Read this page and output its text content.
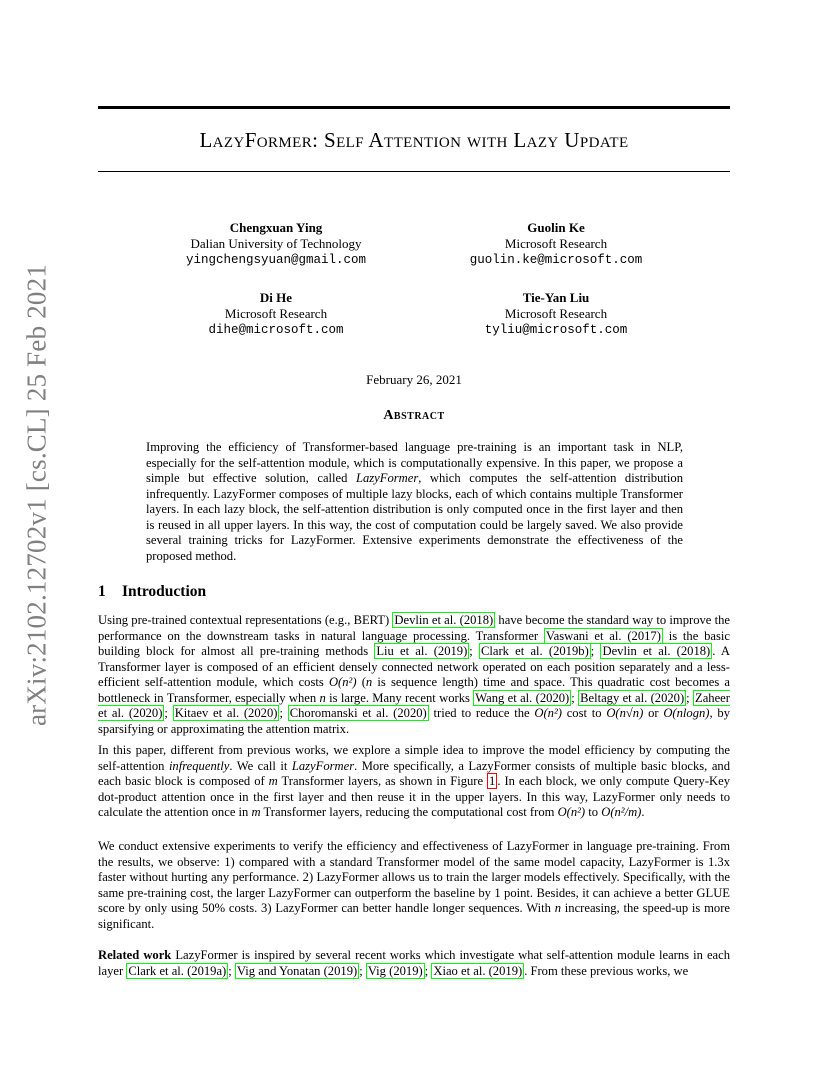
arXiv:2102.12702v1 [cs.CL] 25 Feb 2021
LazyFormer: Self Attention with Lazy Update
Chengxuan Ying
Dalian University of Technology
yingchengsyuan@gmail.com
Guolin Ke
Microsoft Research
guolin.ke@microsoft.com
Di He
Microsoft Research
dihe@microsoft.com
Tie-Yan Liu
Microsoft Research
tyliu@microsoft.com
February 26, 2021
Abstract

Improving the efficiency of Transformer-based language pre-training is an important task in NLP, especially for the self-attention module, which is computationally expensive. In this paper, we propose a simple but effective solution, called LazyFormer, which computes the self-attention distribution infrequently. LazyFormer composes of multiple lazy blocks, each of which contains multiple Transformer layers. In each lazy block, the self-attention distribution is only computed once in the first layer and then is reused in all upper layers. In this way, the cost of computation could be largely saved. We also provide several training tricks for LazyFormer. Extensive experiments demonstrate the effectiveness of the proposed method.

1 Introduction

Using pre-trained contextual representations (e.g., BERT) Devlin et al. (2018) have become the standard way to improve the performance on the downstream tasks in natural language processing. Transformer Vaswani et al. (2017) is the basic building block for almost all pre-training methods Liu et al. (2019) ; Clark et al. (2019b) ; Devlin et al. (2018) . A Transformer layer is composed of an efficient densely connected network operated on each position separately and a less-efficient self-attention module, which costs O(n²) (n is sequence length) time and space. This quadratic cost becomes a bottleneck in Transformer, especially when n is large. Many recent works Wang et al. (2020) ; Beltagy et al. (2020) ; Zaheer et al. (2020) ; Kitaev et al. (2020) ; Choromanski et al. (2020) tried to reduce the O(n²) cost to O(n√n) or O(nlogn), by sparsifying or approximating the attention matrix.

In this paper, different from previous works, we explore a simple idea to improve the model efficiency by computing the self-attention infrequently. We call it LazyFormer. More specifically, a LazyFormer consists of multiple basic blocks, and each basic block is composed of m Transformer layers, as shown in Figure 1 . In each block, we only compute Query-Key dot-product attention once in the first layer and then reuse it in the upper layers. In this way, LazyFormer only needs to calculate the attention once in m Transformer layers, reducing the computational cost from O(n²) to O(n²/m).

We conduct extensive experiments to verify the efficiency and effectiveness of LazyFormer in language pre-training. From the results, we observe: 1) compared with a standard Transformer model of the same model capacity, LazyFormer is 1.3x faster without hurting any performance. 2) LazyFormer allows us to train the larger models effectively. Specifically, with the same pre-training cost, the larger LazyFormer can outperform the baseline by 1 point. Besides, it can achieve a better GLUE score by only using 50% costs. 3) LazyFormer can better handle longer sequences. With n increasing, the speed-up is more significant.

Related work LazyFormer is inspired by several recent works which investigate what self-attention module learns in each layer Clark et al. (2019a) ; Vig and Yonatan (2019) ; Vig (2019) ; Xiao et al. (2019) . From these previous works, we
